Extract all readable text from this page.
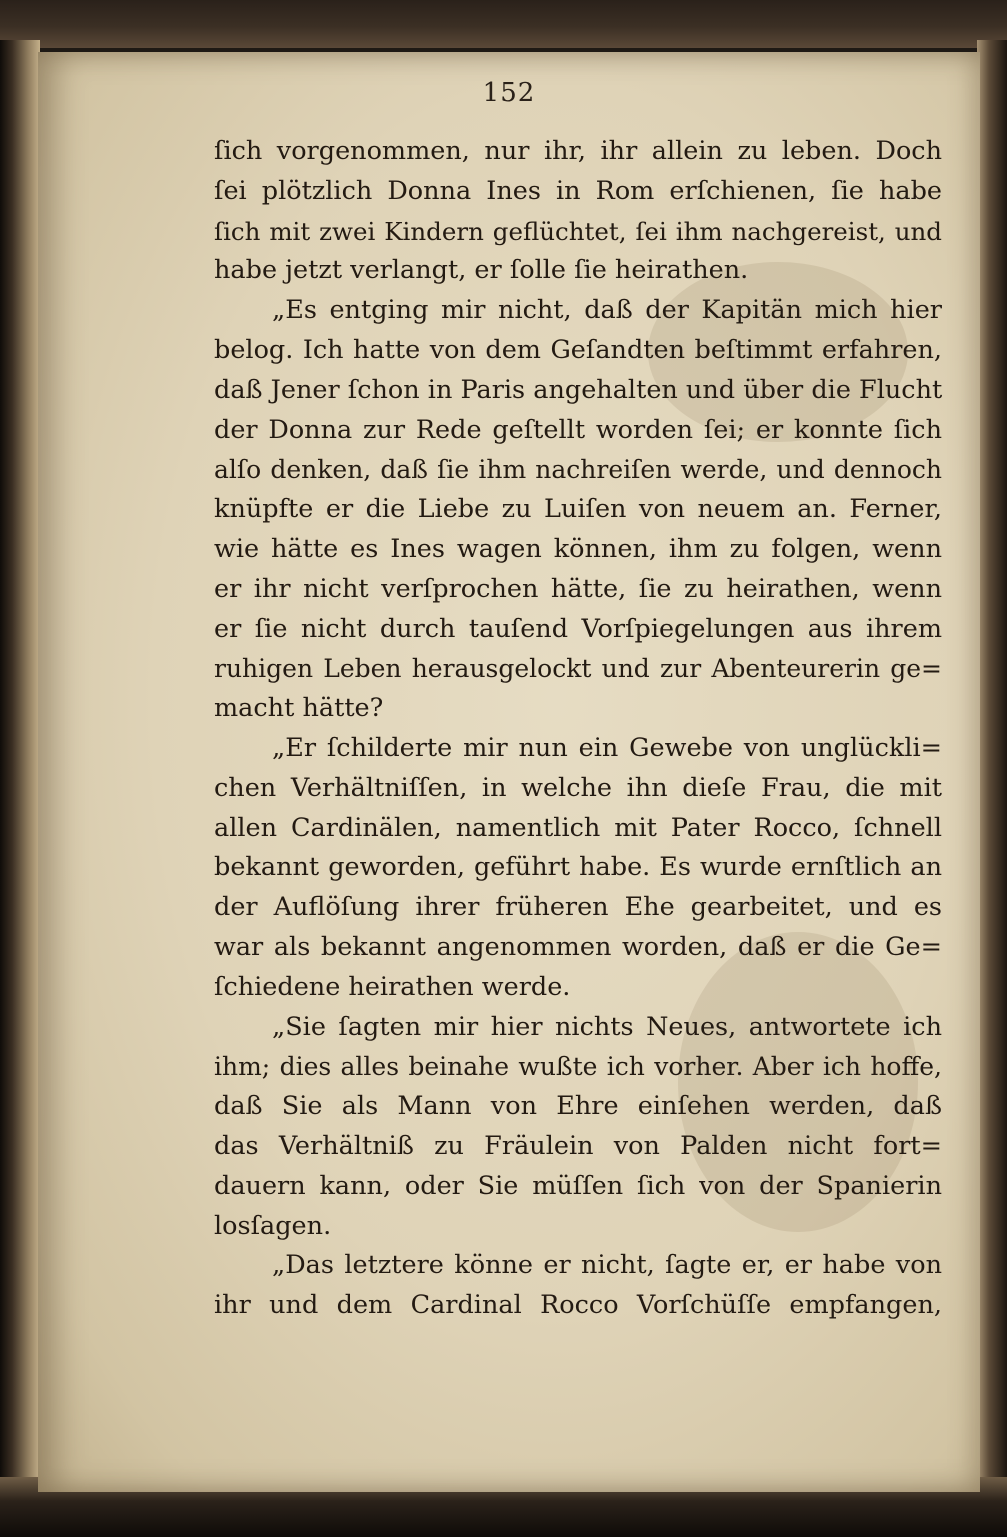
152
ſich vorgenommen, nur ihr, ihr allein zu leben. Doch
ſei plötzlich Donna Ines in Rom erſchienen, ſie habe
ſich mit zwei Kindern geflüchtet, ſei ihm nachgereist, und
habe jetzt verlangt, er ſolle ſie heirathen.
„Es entging mir nicht, daß der Kapitän mich hier
belog. Ich hatte von dem Geſandten beſtimmt erfahren,
daß Jener ſchon in Paris angehalten und über die Flucht
der Donna zur Rede geſtellt worden ſei; er konnte ſich
alſo denken, daß ſie ihm nachreiſen werde, und dennoch
knüpfte er die Liebe zu Luiſen von neuem an. Ferner,
wie hätte es Ines wagen können, ihm zu folgen, wenn
er ihr nicht verſprochen hätte, ſie zu heirathen, wenn
er ſie nicht durch tauſend Vorſpiegelungen aus ihrem
ruhigen Leben herausgelockt und zur Abenteurerin ge=
macht hätte?
„Er ſchilderte mir nun ein Gewebe von unglückli=
chen Verhältniſſen, in welche ihn dieſe Frau, die mit
allen Cardinälen, namentlich mit Pater Rocco, ſchnell
bekannt geworden, geführt habe. Es wurde ernſtlich an
der Auflöſung ihrer früheren Ehe gearbeitet, und es
war als bekannt angenommen worden, daß er die Ge=
ſchiedene heirathen werde.
„Sie ſagten mir hier nichts Neues, antwortete ich
ihm; dies alles beinahe wußte ich vorher. Aber ich hoffe,
daß Sie als Mann von Ehre einſehen werden, daß
das Verhältniß zu Fräulein von Palden nicht fort=
dauern kann, oder Sie müſſen ſich von der Spanierin
losſagen.
„Das letztere könne er nicht, ſagte er, er habe von
ihr und dem Cardinal Rocco Vorſchüſſe empfangen,
